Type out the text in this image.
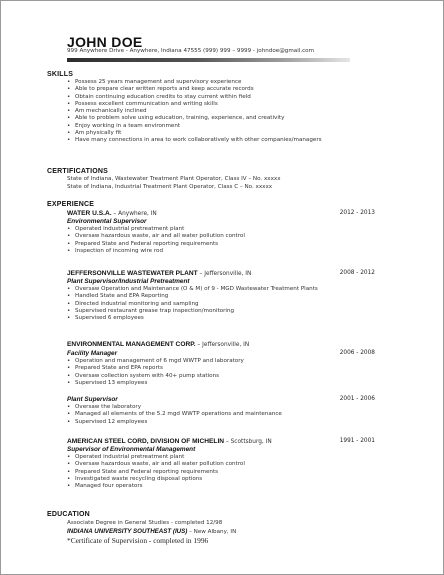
JOHN DOE
999 Anywhere Drive - Anywhere, Indiana 47555 (999) 999 – 9999 - johndoe@gmail.com
SKILLS
• Possess 25 years management and supervisory experience
• Able to prepare clear written reports and keep accurate records
• Obtain continuing education credits to stay current within field
• Possess excellent communication and writing skills
• Am mechanically inclined
• Able to problem solve using education, training, experience, and creativity
• Enjoy working in a team environment
• Am physically fit
• Have many connections in area to work collaboratively with other companies/managers
CERTIFICATIONS
State of Indiana, Wastewater Treatment Plant Operator, Class IV – No. xxxxx
State of Indiana, Industrial Treatment Plant Operator, Class C – No. xxxxx
EXPERIENCE
WATER U.S.A. – Anywhere, IN	2012 - 2013
Environmental Supervisor
• Operated industrial pretreatment plant
• Oversaw hazardous waste, air and all water pollution control
• Prepared State and Federal reporting requirements
• Inspection of incoming wire rod
JEFFERSONVILLE WASTEWATER PLANT – Jeffersonville, IN	2008 - 2012
Plant Supervisor/Industrial Pretreatment
• Oversaw Operation and Maintenance (O & M) of 9 - MGD Wastewater Treatment Plants
• Handled State and EPA Reporting
• Directed industrial monitoring and sampling
• Supervised restaurant grease trap inspection/monitoring
• Supervised 6 employees
ENVIRONMENTAL MANAGEMENT CORP. – Jeffersonville, IN
Facility Manager	2006 - 2008
• Operation and management of 6 mgd WWTP and laboratory
• Prepared State and EPA reports
• Oversaw collection system with 40+ pump stations
• Supervised 13 employees
Plant Supervisor	2001 - 2006
• Oversaw the laboratory
• Managed all elements of the 5.2 mgd WWTP operations and maintenance
• Supervised 12 employees
AMERICAN STEEL CORD, DIVISION OF MICHELIN – Scottsburg, IN	1991 - 2001
Supervisor of Environmental Management
• Operated industrial pretreatment plant
• Oversaw hazardous waste, air and all water pollution control
• Prepared State and Federal reporting requirements
• Investigated waste recycling disposal options
• Managed four operators
EDUCATION
Associate Degree in General Studies - completed 12/98
INDIANA UNIVERSITY SOUTHEAST (IUS) – New Albany, IN
*Certificate of Supervision - completed in 1996
